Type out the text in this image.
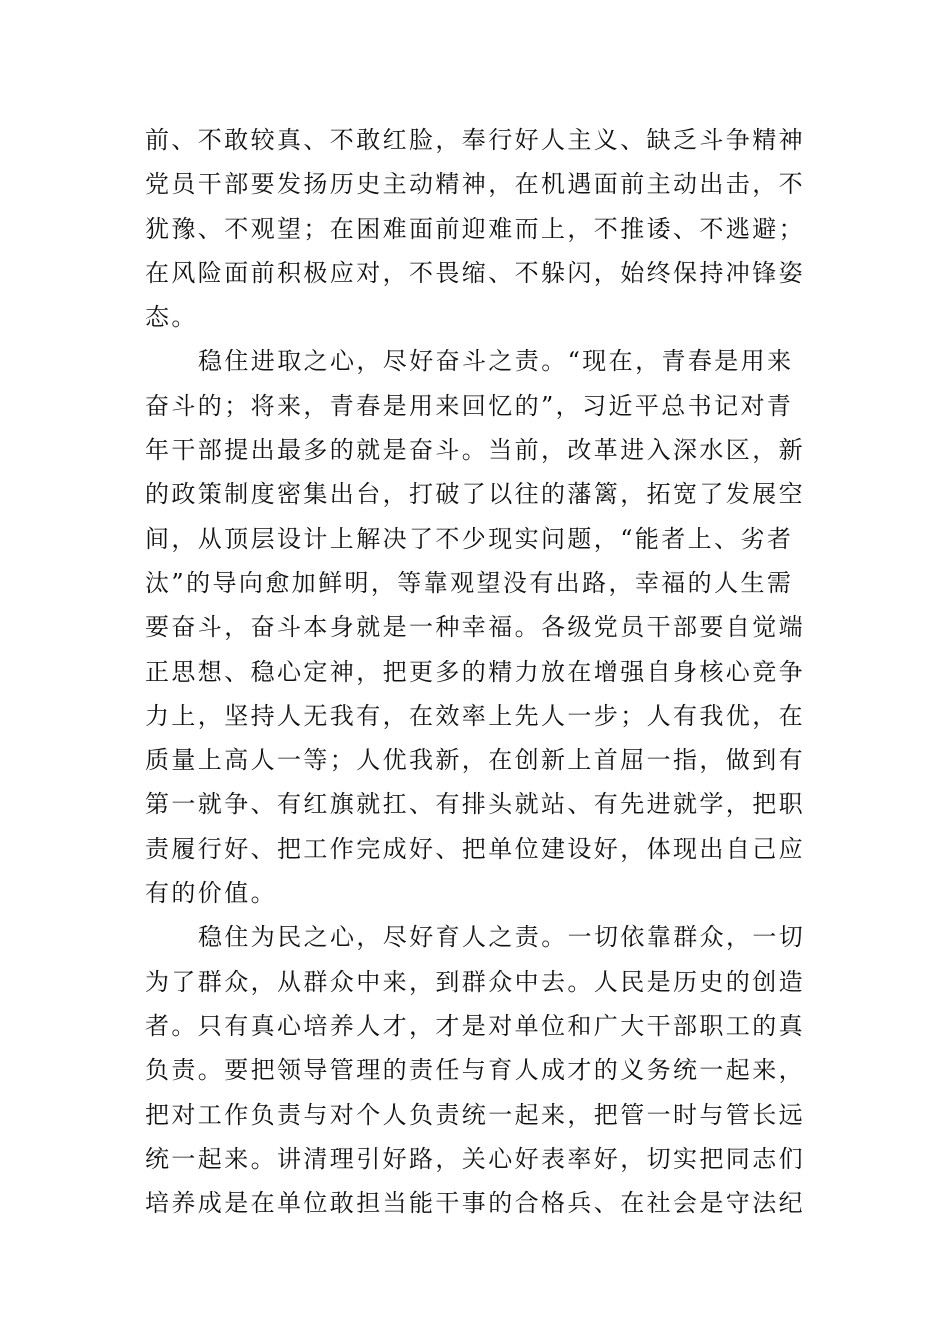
前、不敢较真、不敢红脸，奉行好人主义、缺乏斗争精神
党员干部要发扬历史主动精神，在机遇面前主动出击，不
犹豫、不观望；在困难面前迎难而上，不推诿、不逃避；
在风险面前积极应对，不畏缩、不躲闪，始终保持冲锋姿
态。
稳住进取之心，尽好奋斗之责。“现在，青春是用来
奋斗的；将来，青春是用来回忆的”，习近平总书记对青
年干部提出最多的就是奋斗。当前，改革进入深水区，新
的政策制度密集出台，打破了以往的藩篱，拓宽了发展空
间，从顶层设计上解决了不少现实问题，“能者上、劣者
汰”的导向愈加鲜明，等靠观望没有出路，幸福的人生需
要奋斗，奋斗本身就是一种幸福。各级党员干部要自觉端
正思想、稳心定神，把更多的精力放在增强自身核心竞争
力上，坚持人无我有，在效率上先人一步；人有我优，在
质量上高人一等；人优我新，在创新上首屈一指，做到有
第一就争、有红旗就扛、有排头就站、有先进就学，把职
责履行好、把工作完成好、把单位建设好，体现出自己应
有的价值。
稳住为民之心，尽好育人之责。一切依靠群众，一切
为了群众，从群众中来，到群众中去。人民是历史的创造
者。只有真心培养人才，才是对单位和广大干部职工的真
负责。要把领导管理的责任与育人成才的义务统一起来，
把对工作负责与对个人负责统一起来，把管一时与管长远
统一起来。讲清理引好路，关心好表率好，切实把同志们
培养成是在单位敢担当能干事的合格兵、在社会是守法纪
